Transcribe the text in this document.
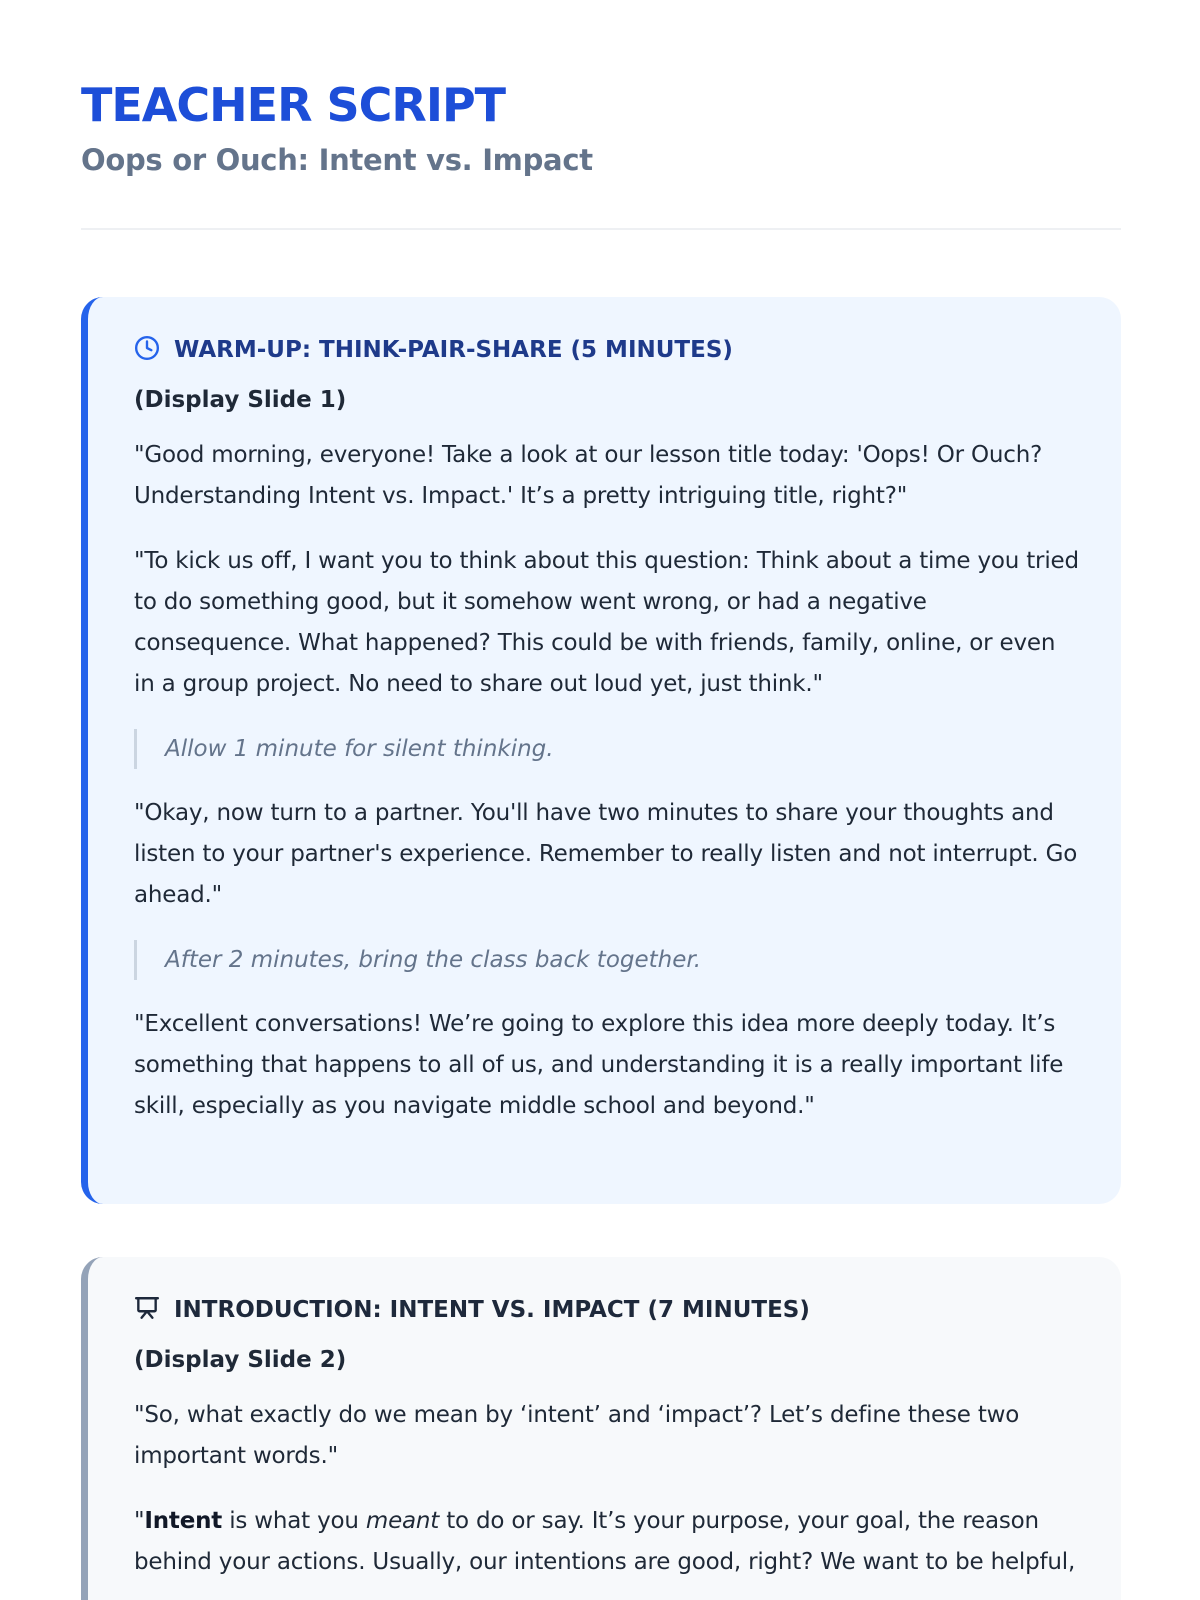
TEACHER SCRIPT
Oops or Ouch: Intent vs. Impact
WARM-UP: THINK-PAIR-SHARE (5 MINUTES)

(Display Slide 1)

"Good morning, everyone! Take a look at our lesson title today: 'Oops! Or Ouch? Understanding Intent vs. Impact.' It’s a pretty intriguing title, right?"

"To kick us off, I want you to think about this question: Think about a time you tried to do something good, but it somehow went wrong, or had a negative consequence. What happened? This could be with friends, family, online, or even in a group project. No need to share out loud yet, just think."

Allow 1 minute for silent thinking.

"Okay, now turn to a partner. You'll have two minutes to share your thoughts and listen to your partner's experience. Remember to really listen and not interrupt. Go ahead."

After 2 minutes, bring the class back together.

"Excellent conversations! We’re going to explore this idea more deeply today. It’s something that happens to all of us, and understanding it is a really important life skill, especially as you navigate middle school and beyond."

INTRODUCTION: INTENT VS. IMPACT (7 MINUTES)

(Display Slide 2)

"So, what exactly do we mean by ‘intent’ and ‘impact’? Let’s define these two important words."

"Intent is what you meant to do or say. It’s your purpose, your goal, the reason behind your actions. Usually, our intentions are good, right? We want to be helpful,
